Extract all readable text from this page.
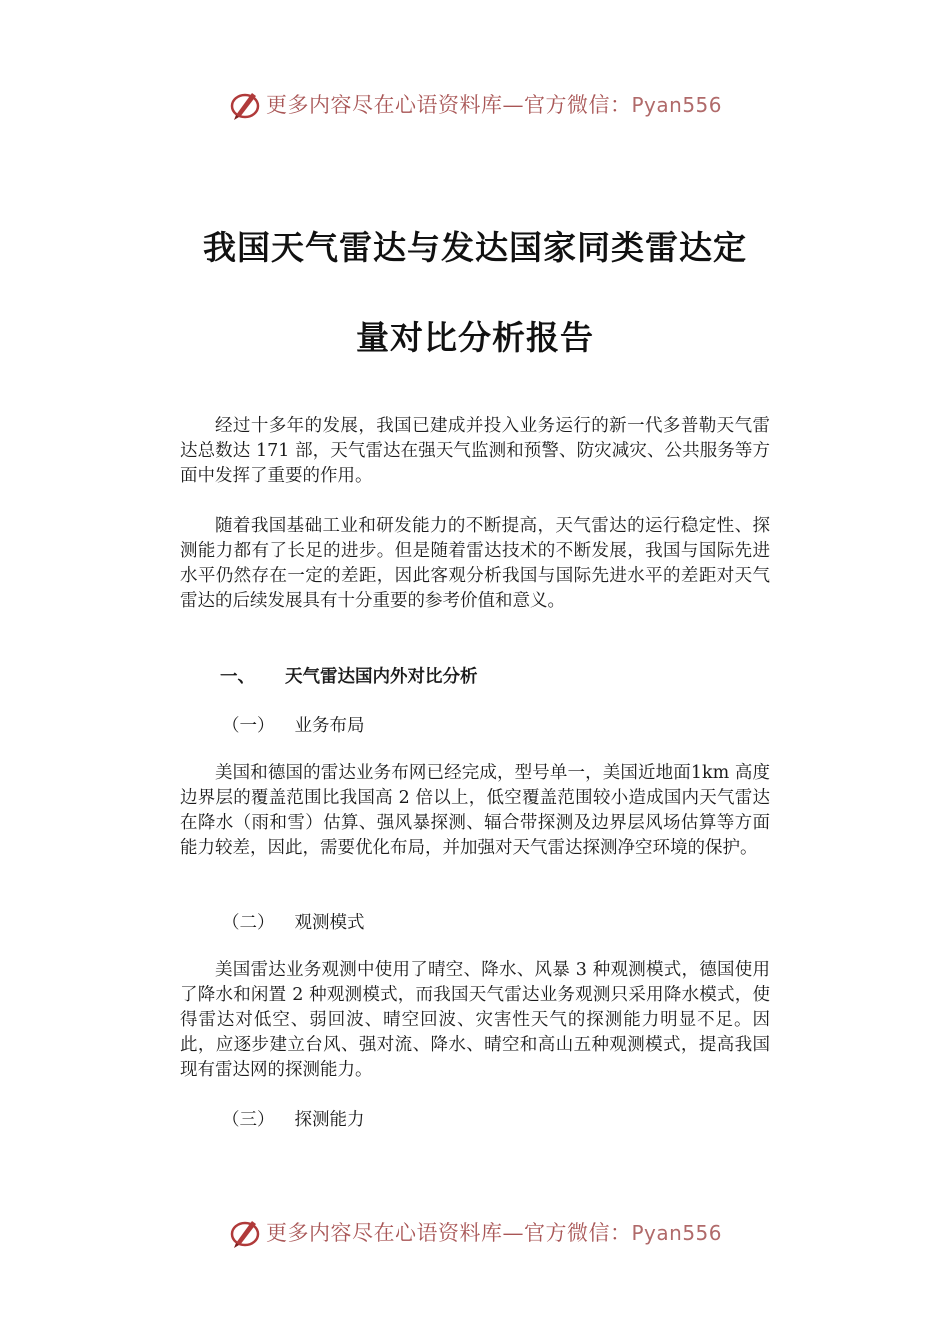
更多内容尽在心语资料库—官方微信：Pyan556
我国天气雷达与发达国家同类雷达定
量对比分析报告

经过十多年的发展，我国已建成并投入业务运行的新一代多普勒天气雷达总数达 171 部，天气雷达在强天气监测和预警、防灾减灾、公共服务等方面中发挥了重要的作用。

随着我国基础工业和研发能力的不断提高，天气雷达的运行稳定性、探测能力都有了长足的进步。但是随着雷达技术的不断发展，我国与国际先进水平仍然存在一定的差距，因此客观分析我国与国际先进水平的差距对天气雷达的后续发展具有十分重要的参考价值和意义。

一、 天气雷达国内外对比分析
（一） 业务布局

美国和德国的雷达业务布网已经完成，型号单一，美国近地面1km 高度边界层的覆盖范围比我国高 2 倍以上，低空覆盖范围较小造成国内天气雷达在降水（雨和雪）估算、强风暴探测、辐合带探测及边界层风场估算等方面能力较差，因此，需要优化布局，并加强对天气雷达探测净空环境的保护。

（二） 观测模式

美国雷达业务观测中使用了晴空、降水、风暴 3 种观测模式，德国使用了降水和闲置 2 种观测模式，而我国天气雷达业务观测只采用降水模式，使得雷达对低空、弱回波、晴空回波、灾害性天气的探测能力明显不足。因此，应逐步建立台风、强对流、降水、晴空和高山五种观测模式，提高我国现有雷达网的探测能力。

（三） 探测能力
更多内容尽在心语资料库—官方微信：Pyan556
